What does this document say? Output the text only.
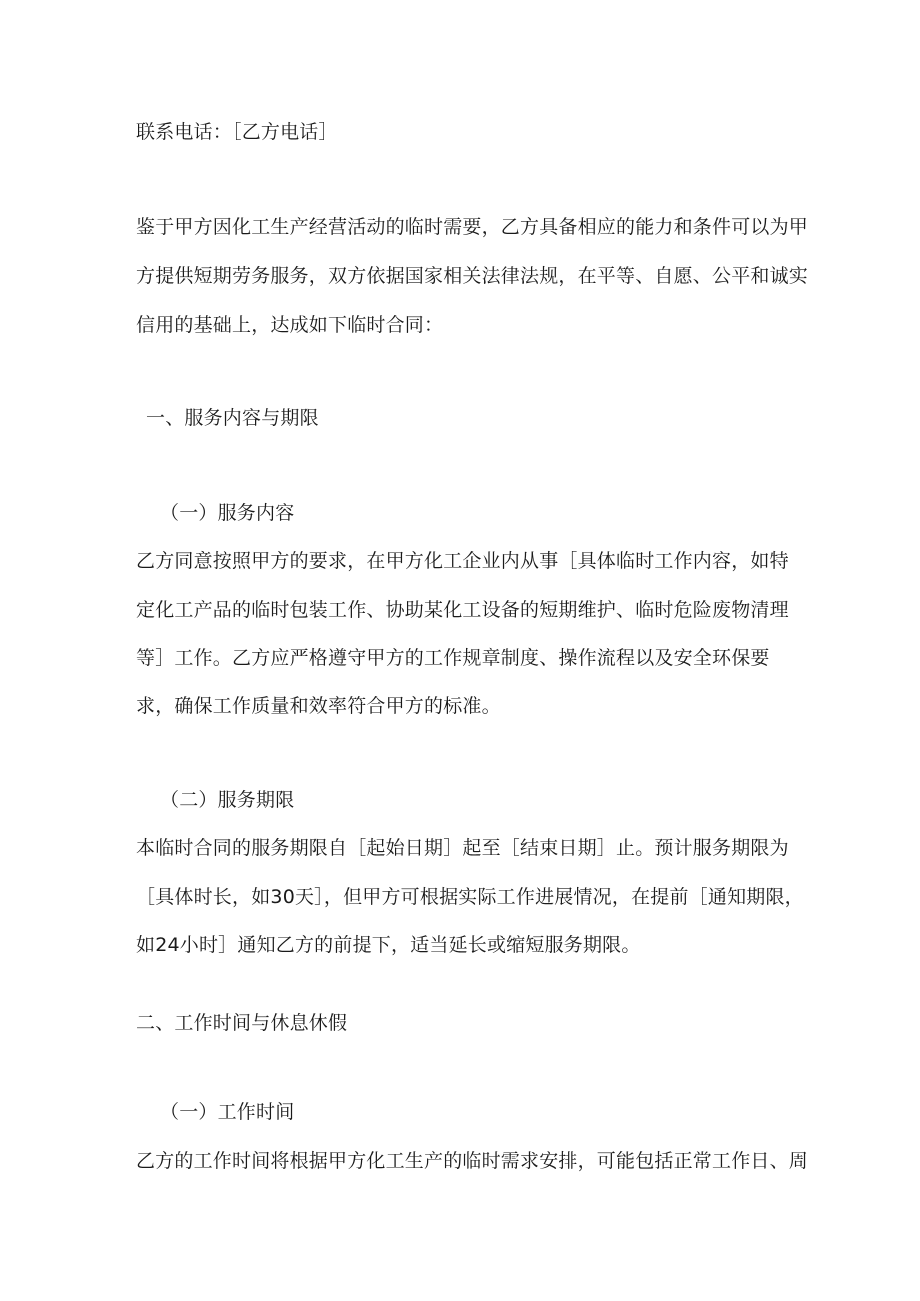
联系电话：［乙方电话］
鉴于甲方因化工生产经营活动的临时需要，乙方具备相应的能力和条件可以为甲
方提供短期劳务服务，双方依据国家相关法律法规，在平等、自愿、公平和诚实
信用的基础上，达成如下临时合同：
一、服务内容与期限
（一）服务内容
乙方同意按照甲方的要求，在甲方化工企业内从事［具体临时工作内容，如特
定化工产品的临时包装工作、协助某化工设备的短期维护、临时危险废物清理
等］工作。乙方应严格遵守甲方的工作规章制度、操作流程以及安全环保要
求，确保工作质量和效率符合甲方的标准。
（二）服务期限
本临时合同的服务期限自［起始日期］起至［结束日期］止。预计服务期限为
［具体时长，如30天］，但甲方可根据实际工作进展情况，在提前［通知期限，
如24小时］通知乙方的前提下，适当延长或缩短服务期限。
二、工作时间与休息休假
（一）工作时间
乙方的工作时间将根据甲方化工生产的临时需求安排，可能包括正常工作日、周
